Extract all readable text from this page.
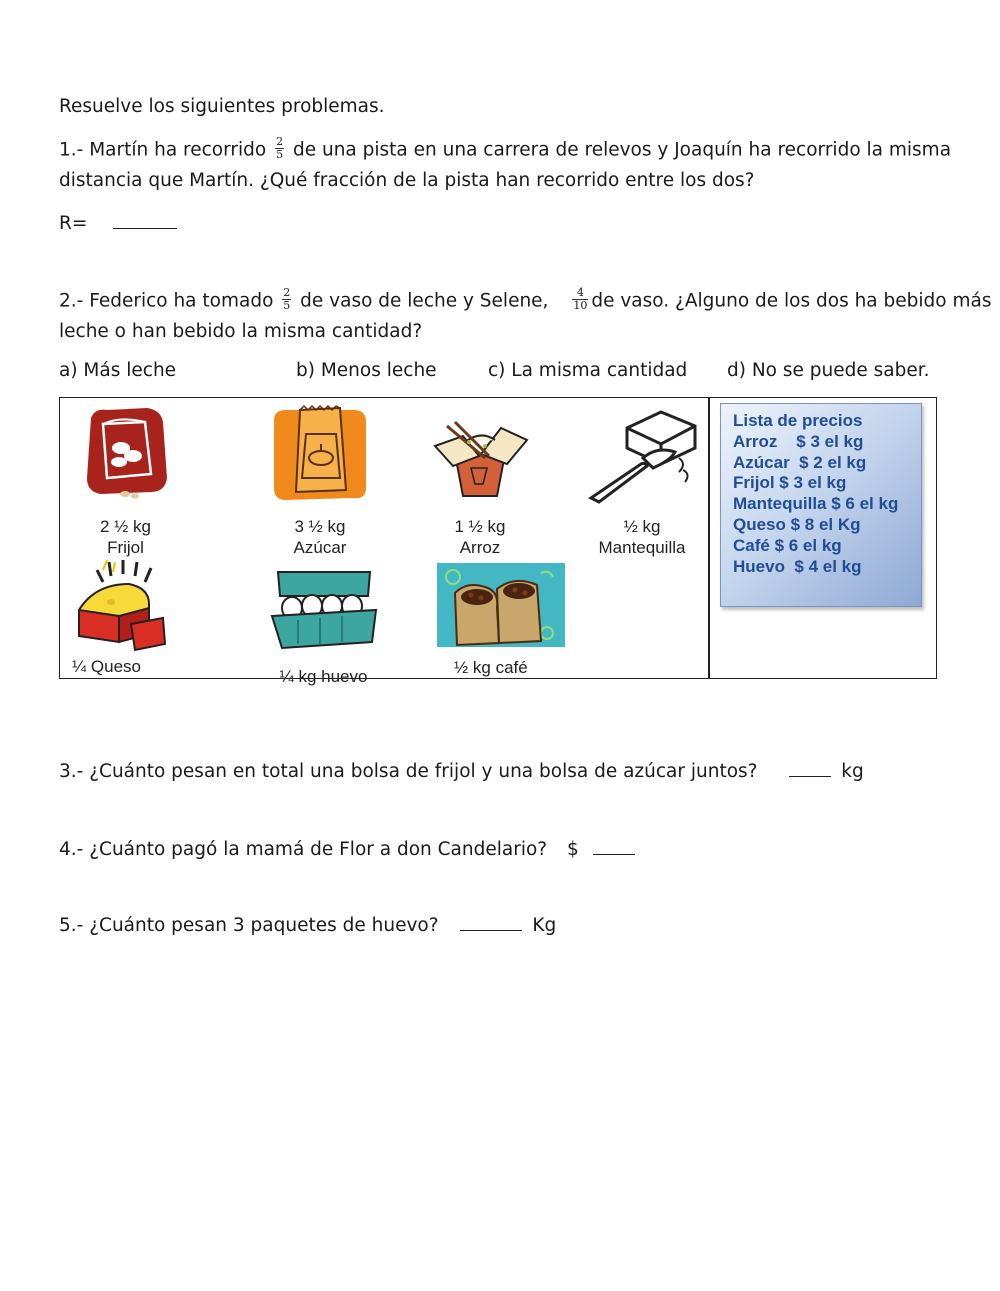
Resuelve los siguientes problemas.
1.- Martín ha recorrido $\frac{2}{5}$ de una pista en una carrera de relevos y Joaquín ha recorrido la misma
distancia que Martín. ¿Qué fracción de la pista han recorrido entre los dos?
R=
2.- Federico ha tomado $\frac{2}{5}$ de vaso de leche y Selene, $\frac{4}{10}$ de vaso. ¿Alguno de los dos ha bebido más
leche o han bebido la misma cantidad?
a) Más leche	b) Menos leche	c) La misma cantidad d) No se puede saber.
2 ½ kg
Frijol
3 ½ kg
Azúcar
1 ½ kg
Arroz
½ kg
Mantequilla
¼ Queso
¼ kg huevo	½ kg café
Lista de precios
Arroz    $ 3 el kg
Azúcar  $ 2 el kg
Frijol $ 3 el kg
Mantequilla $ 6 el kg
Queso $ 8 el Kg
Café $ 6 el kg
Huevo  $ 4 el kg
3.- ¿Cuánto pesan en total una bolsa de frijol y una bolsa de azúcar juntos?	kg
4.- ¿Cuánto pagó la mamá de Flor a don Candelario? $
5.- ¿Cuánto pesan 3 paquetes de huevo?	Kg
